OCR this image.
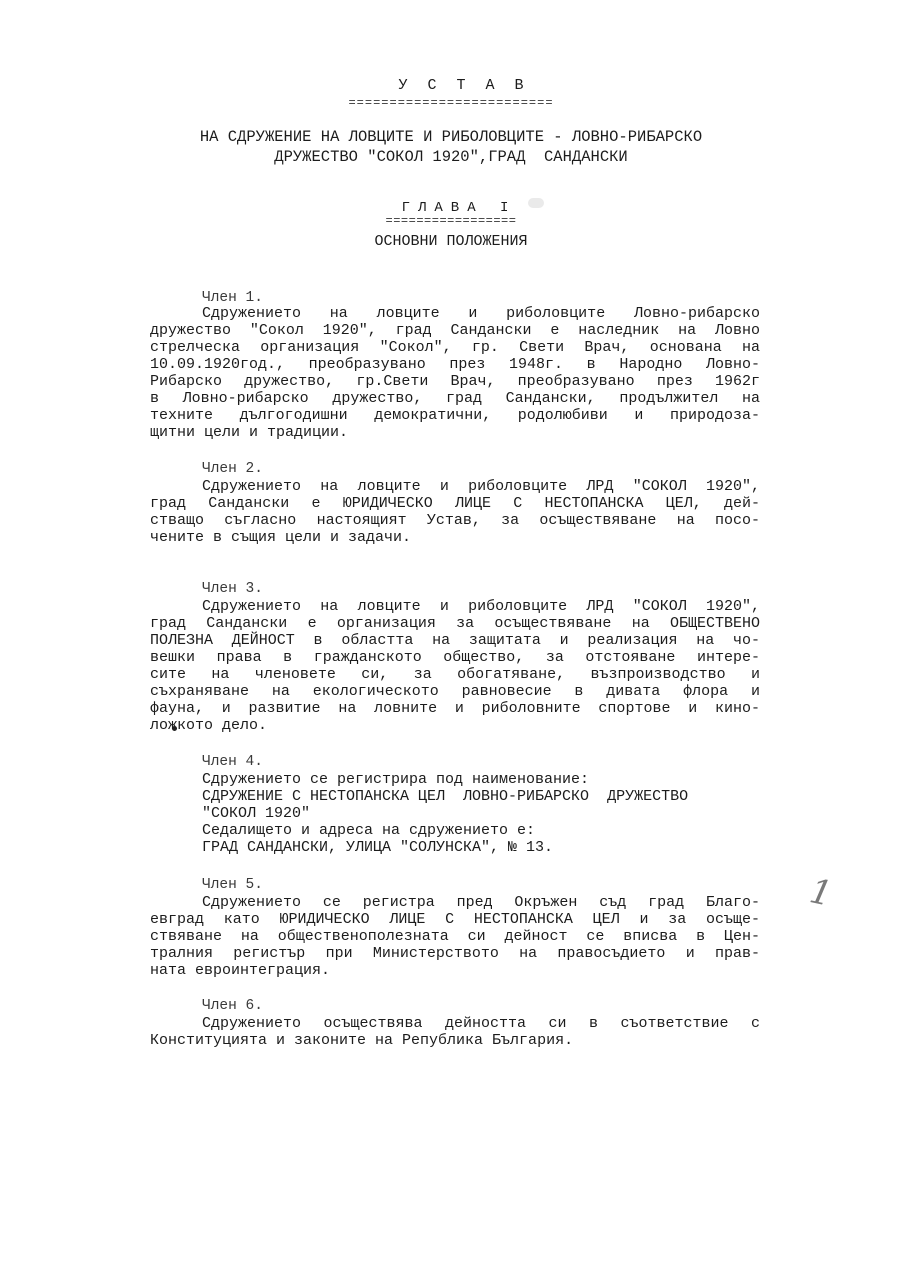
УСТАВ
=========================
НА СДРУЖЕНИЕ НА ЛОВЦИТЕ И РИБОЛОВЦИТЕ - ЛОВНО-РИБАРСКО
ДРУЖЕСТВО "СОКОЛ 1920",ГРАД  САНДАНСКИ
ГЛАВА I
=================
ОСНОВНИ ПОЛОЖЕНИЯ
Член 1.
Сдружението на ловците и риболовците Ловно-рибарско
дружество "Сокол 1920", град Сандански е наследник на Ловно
стрелческа организация "Сокол", гр. Свети Врач, основана на
10.09.1920год., преобразувано през 1948г. в Народно Ловно-
Рибарско дружество, гр.Свети Врач, преобразувано през 1962г
в Ловно-рибарско дружество, град Сандански, продължител на
техните дългогодишни демократични, родолюбиви и природоза-
щитни цели и традиции.
Член 2.
Сдружението на ловците и риболовците ЛРД "СОКОЛ 1920",
град Сандански е ЮРИДИЧЕСКО ЛИЦЕ С НЕСТОПАНСКА ЦЕЛ, дей-
стващо съгласно настоящият Устав, за осъществяване на посо-
чените в същия цели и задачи.
Член 3.
Сдружението на ловците и риболовците ЛРД "СОКОЛ 1920",
град Сандански е организация за осъществяване на ОБЩЕСТВЕНО
ПОЛЕЗНА ДЕЙНОСТ в областта на защитата и реализация на чо-
вешки права в гражданското общество, за отстояване интере-
сите на членовете си, за обогатяване, възпроизводство и
съхраняване на екологическото равновесие в дивата флора и
фауна, и развитие на ловните и риболовните спортове и кино-
ложкото дело.
Член 4.
Сдружението се регистрира под наименование:
СДРУЖЕНИЕ С НЕСТОПАНСКА ЦЕЛ  ЛОВНО-РИБАРСКО  ДРУЖЕСТВО
"СОКОЛ 1920"
Седалището и адреса на сдружението е:
ГРАД САНДАНСКИ, УЛИЦА "СОЛУНСКА", № 13.
Член 5.
Сдружението се регистра пред Окръжен съд град Благо-
евград като ЮРИДИЧЕСКО ЛИЦЕ С НЕСТОПАНСКА ЦЕЛ и за осъще-
ствяване на общественополезната си дейност се вписва в Цен-
тралния регистър при Министерството на правосъдието и прав-
ната евроинтеграция.
Член 6.
Сдружението осъществява дейността си в съответствие с
Конституцията и законите на Република България.
1
